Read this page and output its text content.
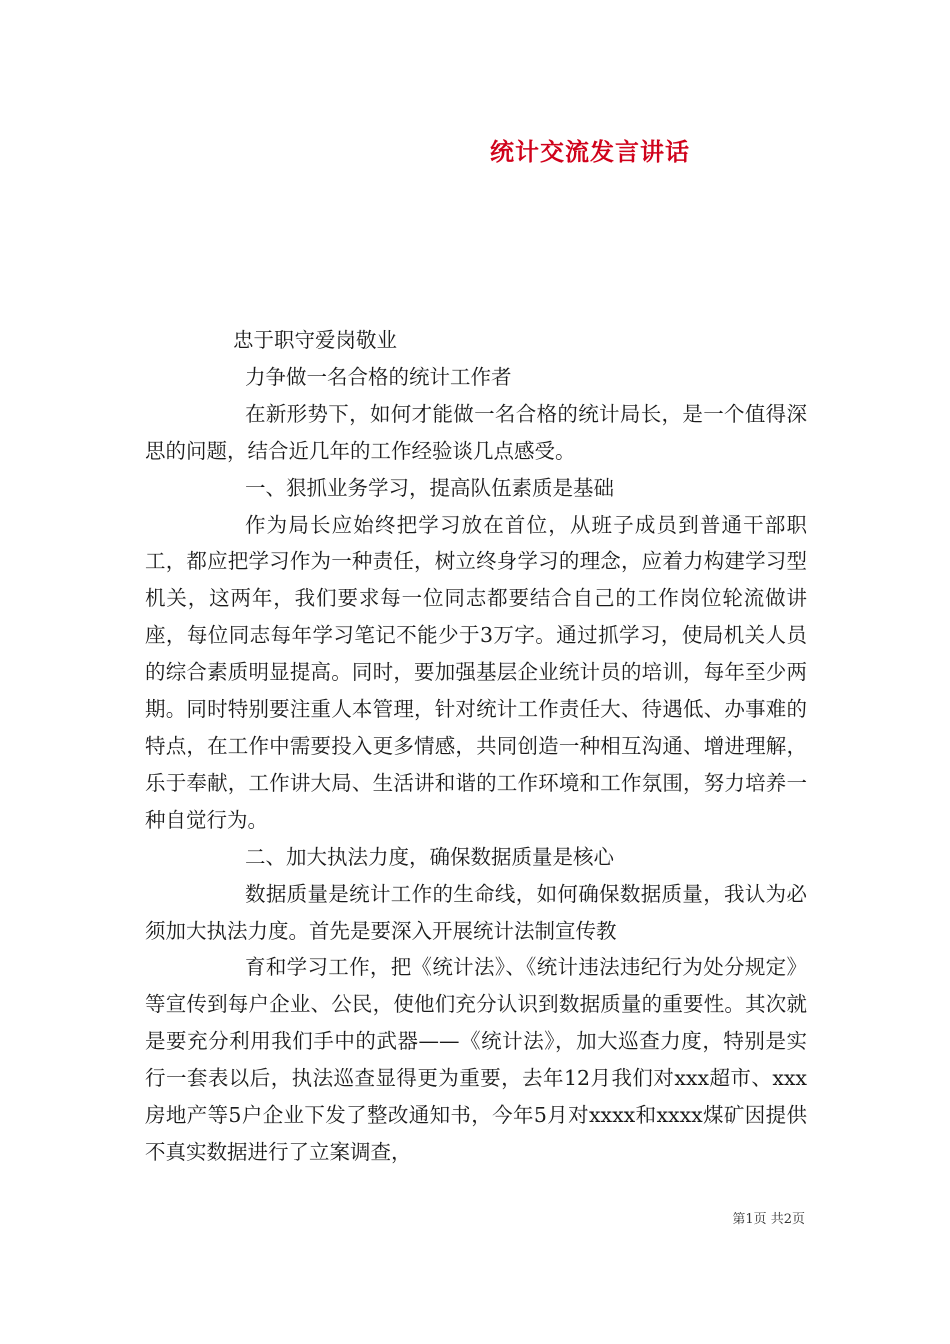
统计交流发言讲话

忠于职守爱岗敬业

力争做一名合格的统计工作者

在新形势下，如何才能做一名合格的统计局长，是一个值得深思的问题，结合近几年的工作经验谈几点感受。

一、狠抓业务学习，提高队伍素质是基础

作为局长应始终把学习放在首位，从班子成员到普通干部职工，都应把学习作为一种责任，树立终身学习的理念，应着力构建学习型机关，这两年，我们要求每一位同志都要结合自己的工作岗位轮流做讲座，每位同志每年学习笔记不能少于3万字。通过抓学习，使局机关人员的综合素质明显提高。同时，要加强基层企业统计员的培训，每年至少两期。同时特别要注重人本管理，针对统计工作责任大、待遇低、办事难的特点，在工作中需要投入更多情感，共同创造一种相互沟通、增进理解，乐于奉献，工作讲大局、生活讲和谐的工作环境和工作氛围，努力培养一种自觉行为。

二、加大执法力度，确保数据质量是核心

数据质量是统计工作的生命线，如何确保数据质量，我认为必须加大执法力度。首先是要深入开展统计法制宣传教

育和学习工作，把《统计法》、《统计违法违纪行为处分规定》等宣传到每户企业、公民，使他们充分认识到数据质量的重要性。其次就是要充分利用我们手中的武器——《统计法》，加大巡查力度，特别是实行一套表以后，执法巡查显得更为重要，去年12月我们对xxx超市、xxx房地产等5户企业下发了整改通知书，今年5月对xxxx和xxxx煤矿因提供不真实数据进行了立案调查，

第1页 共2页
